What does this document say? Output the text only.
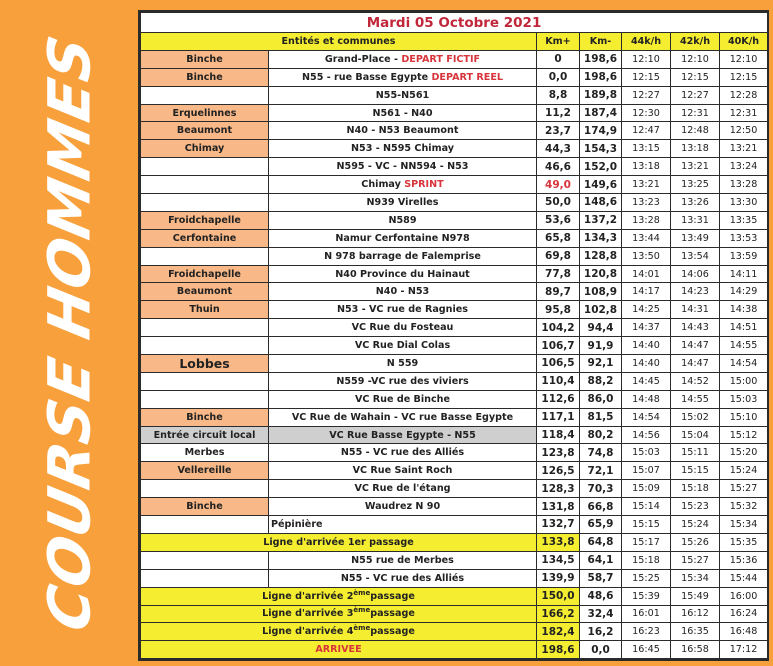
COURSE HOMMES
Mardi 05 Octobre 2021						
Entités et communes		Km+	Km-	44k/h	42k/h	40K/h
Binche	Grand-Place - DEPART FICTIF	0	198,6	12:10	12:10	12:10
Binche	N55 - rue Basse Egypte DEPART REEL	0,0	198,6	12:15	12:15	12:15
	N55-N561	8,8	189,8	12:27	12:27	12:28
Erquelinnes	N561 - N40	11,2	187,4	12:30	12:31	12:31
Beaumont	N40 - N53 Beaumont	23,7	174,9	12:47	12:48	12:50
Chimay	N53 - N595 Chimay	44,3	154,3	13:15	13:18	13:21
	N595 - VC - NN594 - N53	46,6	152,0	13:18	13:21	13:24
	Chimay SPRINT	49,0	149,6	13:21	13:25	13:28
	N939 Virelles	50,0	148,6	13:23	13:26	13:30
Froidchapelle	N589	53,6	137,2	13:28	13:31	13:35
Cerfontaine	Namur Cerfontaine N978	65,8	134,3	13:44	13:49	13:53
	N 978 barrage de Falemprise	69,8	128,8	13:50	13:54	13:59
Froidchapelle	N40 Province du Hainaut	77,8	120,8	14:01	14:06	14:11
Beaumont	N40 - N53	89,7	108,9	14:17	14:23	14:29
Thuin	N53 - VC rue de Ragnies	95,8	102,8	14:25	14:31	14:38
	VC Rue du Fosteau	104,2	94,4	14:37	14:43	14:51
	VC Rue Dial Colas	106,7	91,9	14:40	14:47	14:55
Lobbes	N 559	106,5	92,1	14:40	14:47	14:54
	N559 -VC rue des viviers	110,4	88,2	14:45	14:52	15:00
	VC Rue de Binche	112,6	86,0	14:48	14:55	15:03
Binche	VC Rue de Wahain - VC rue Basse Egypte	117,1	81,5	14:54	15:02	15:10
Entrée circuit local	VC Rue Basse Egypte - N55	118,4	80,2	14:56	15:04	15:12
Merbes	N55 - VC rue des Alliés	123,8	74,8	15:03	15:11	15:20
Vellereille	VC Rue Saint Roch	126,5	72,1	15:07	15:15	15:24
	VC Rue de l'étang	128,3	70,3	15:09	15:18	15:27
Binche	Waudrez N 90	131,8	66,8	15:14	15:23	15:32
	Pépinière	132,7	65,9	15:15	15:24	15:34
Ligne d'arrivée 1er passage		133,8	64,8	15:17	15:26	15:35
	N55 rue de Merbes	134,5	64,1	15:18	15:27	15:36
	N55 - VC rue des Alliés	139,9	58,7	15:25	15:34	15:44
Ligne d'arrivée 2èmepassage		150,0	48,6	15:39	15:49	16:00
Ligne d'arrivée 3èmepassage		166,2	32,4	16:01	16:12	16:24
Ligne d'arrivée 4èmepassage		182,4	16,2	16:23	16:35	16:48
ARRIVEE		198,6	0,0	16:45	16:58	17:12
